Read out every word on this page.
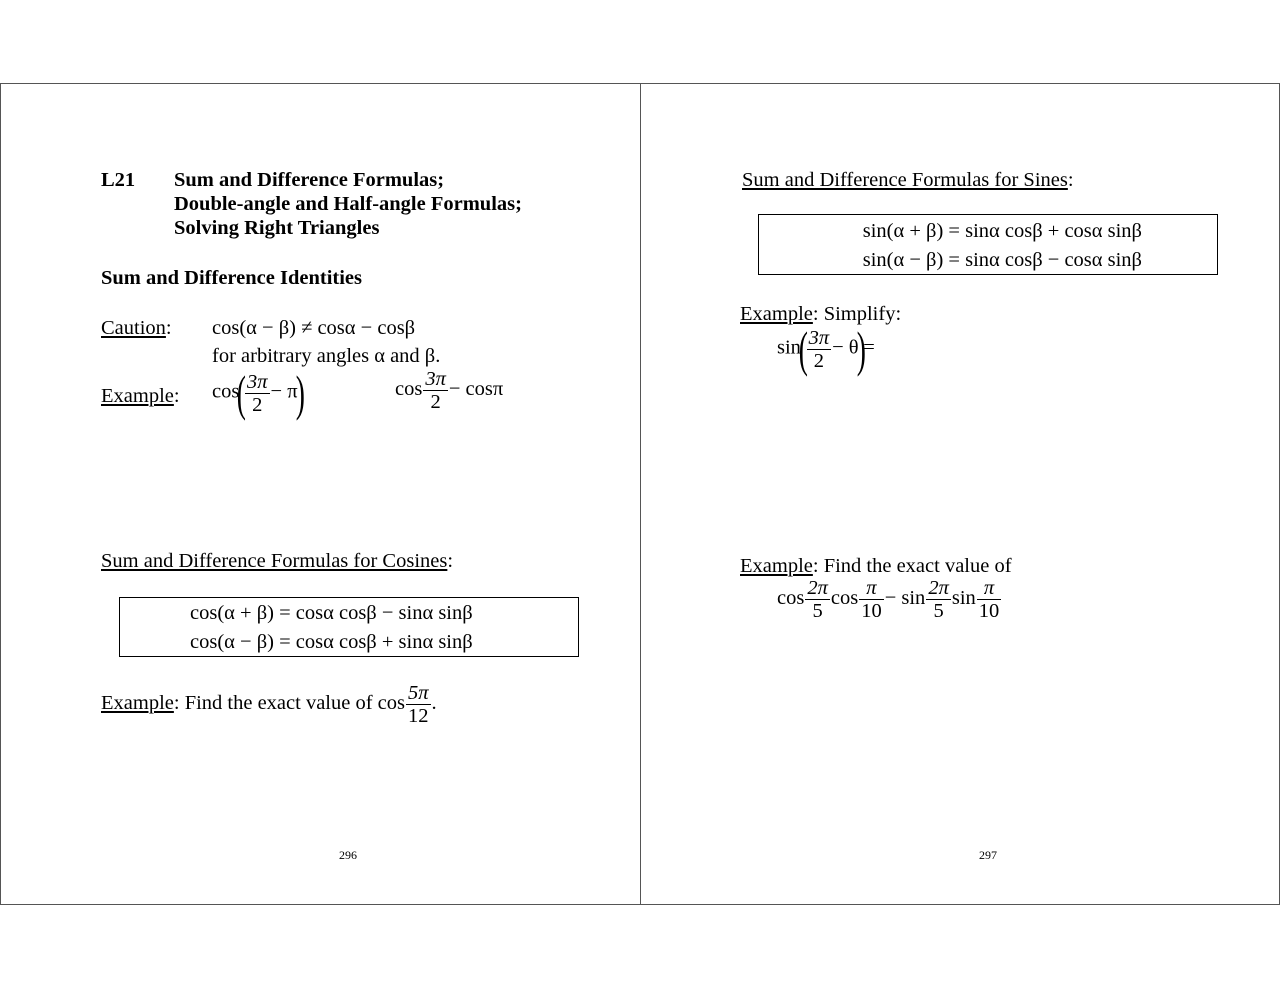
L21 Sum and Difference Formulas;
Double-angle and Half-angle Formulas;
Solving Right Triangles
Sum and Difference Identities
Caution: cos(α − β) ≠ cosα − cosβ
for arbitrary angles α and β.
Example: cos(
$\frac{3\pi}{2} - \pi$)	$\cos \frac{3\pi}{2} - \cos\pi$
Sum and Difference Formulas for Cosines:
cos(α + β) = cosα cosβ − sinα sinβ
cos(α − β) = cosα cosβ + sinα sinβ
Example: Find the exact value of $\cos \frac{5\pi}{12}$ .
296
Sum and Difference Formulas for Sines:
sin(α + β) = sinα cosβ + cosα sinβ
sin(α − β) = sinα cosβ − cosα sinβ
Example: Simplify:
sin(
$\frac{3\pi}{2} - \theta)=$
Example: Find the exact value of
$\cos \frac{2\pi}{5}$ $\cos \frac{\pi}{10} - \sin \frac{2\pi}{5}$ $\sin \frac{\pi}{10}$
297
